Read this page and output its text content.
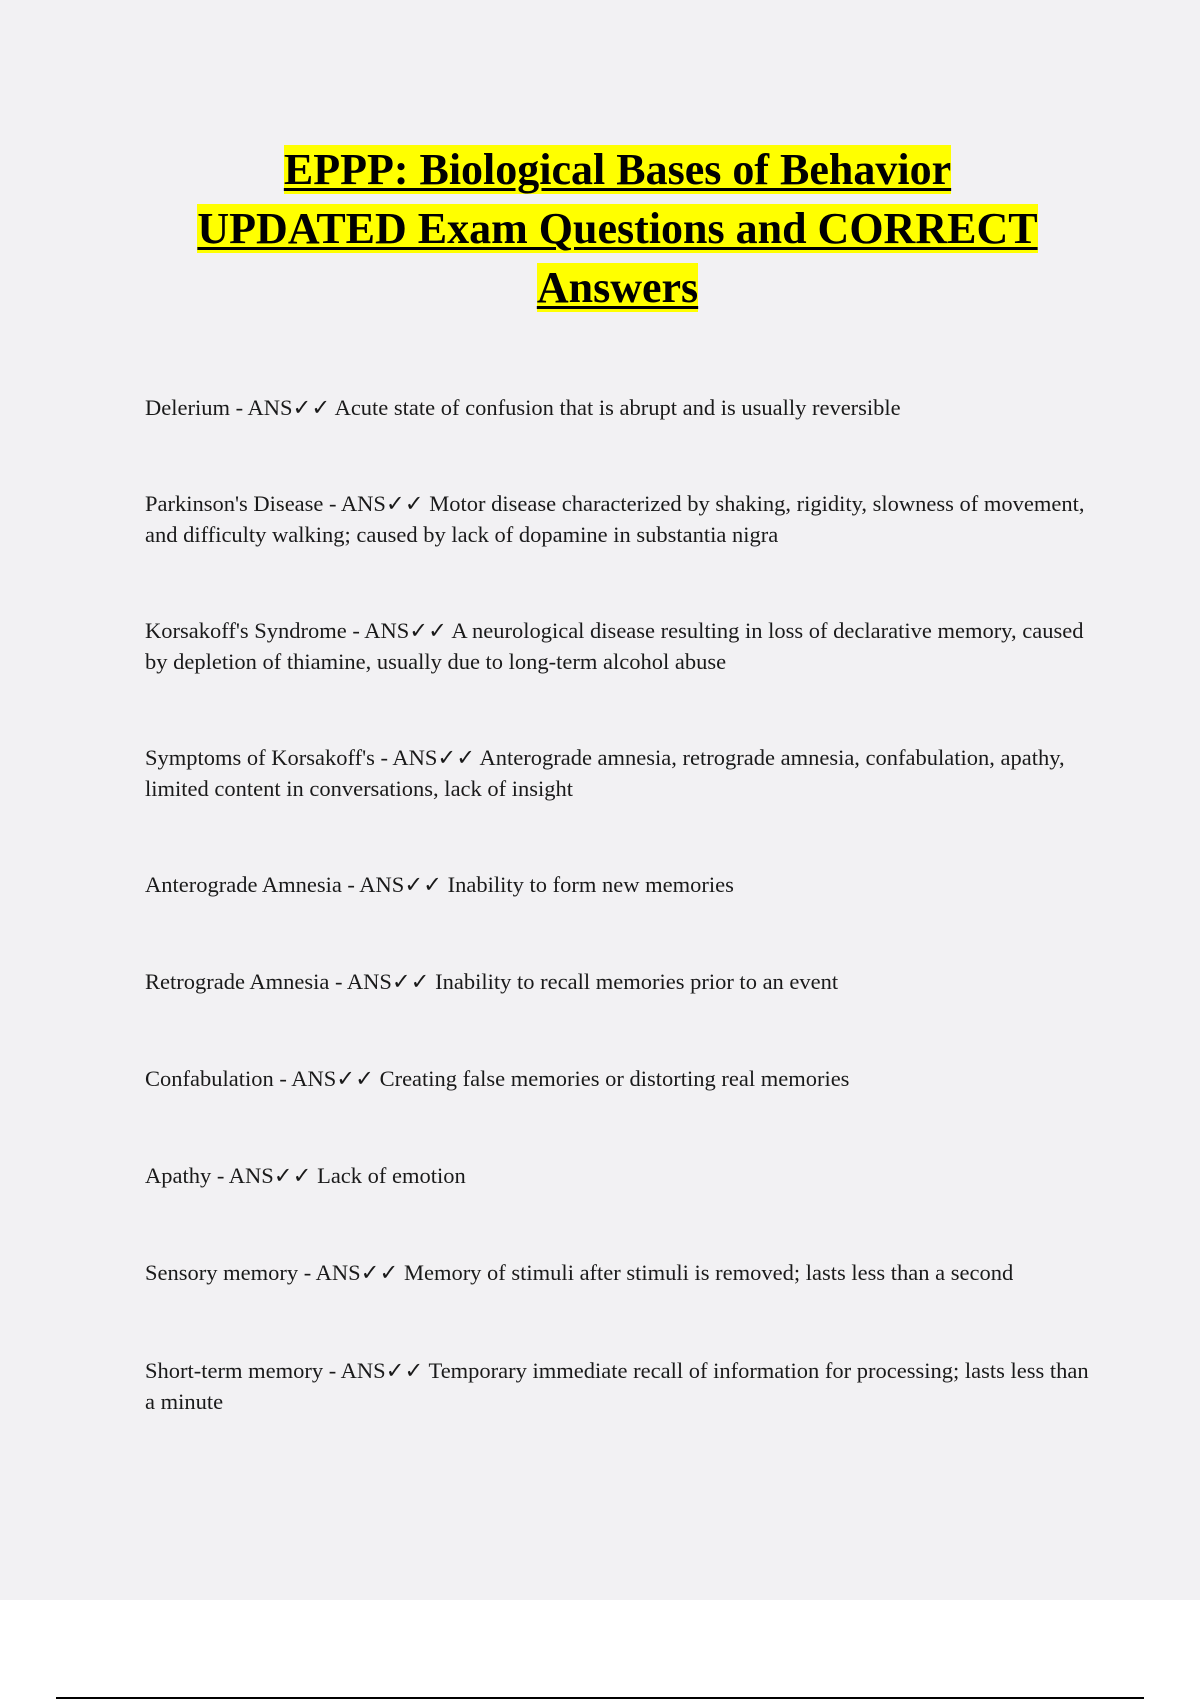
EPPP: Biological Bases of Behavior
UPDATED Exam Questions and CORRECT
Answers
Delerium - ANS✓✓ Acute state of confusion that is abrupt and is usually reversible
Parkinson's Disease - ANS✓✓ Motor disease characterized by shaking, rigidity, slowness of movement, and difficulty walking; caused by lack of dopamine in substantia nigra
Korsakoff's Syndrome - ANS✓✓ A neurological disease resulting in loss of declarative memory, caused by depletion of thiamine, usually due to long-term alcohol abuse
Symptoms of Korsakoff's - ANS✓✓ Anterograde amnesia, retrograde amnesia, confabulation, apathy, limited content in conversations, lack of insight
Anterograde Amnesia - ANS✓✓ Inability to form new memories
Retrograde Amnesia - ANS✓✓ Inability to recall memories prior to an event
Confabulation - ANS✓✓ Creating false memories or distorting real memories
Apathy - ANS✓✓ Lack of emotion
Sensory memory - ANS✓✓ Memory of stimuli after stimuli is removed; lasts less than a second
Short-term memory - ANS✓✓ Temporary immediate recall of information for processing; lasts less than a minute
